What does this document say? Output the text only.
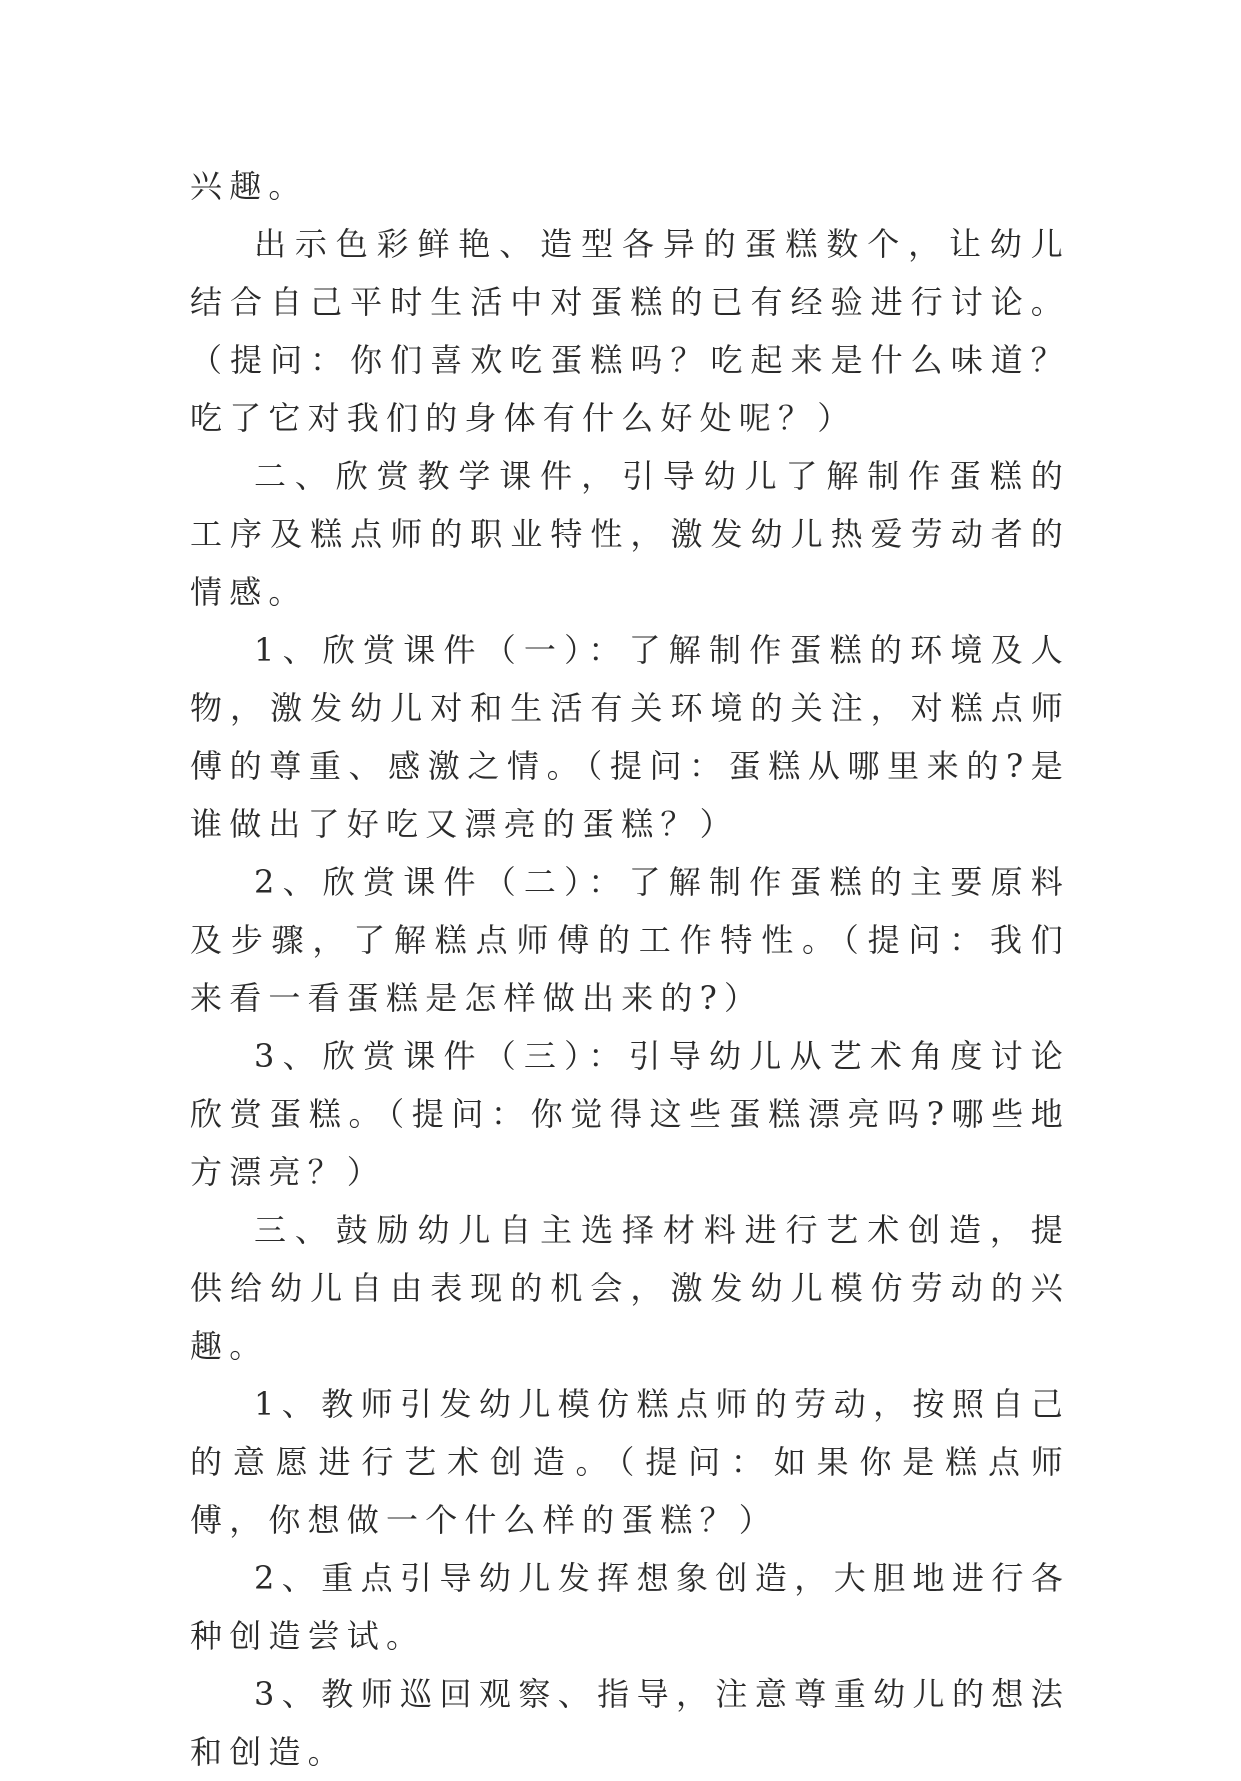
兴趣。

出示色彩鲜艳、造型各异的蛋糕数个，让幼儿结合自己平时生活中对蛋糕的已有经验进行讨论。（提问：你们喜欢吃蛋糕吗？吃起来是什么味道？吃了它对我们的身体有什么好处呢？）

二、欣赏教学课件，引导幼儿了解制作蛋糕的工序及糕点师的职业特性，激发幼儿热爱劳动者的情感。

1、欣赏课件（一）：了解制作蛋糕的环境及人物，激发幼儿对和生活有关环境的关注，对糕点师傅的尊重、感激之情。（提问：蛋糕从哪里来的?是谁做出了好吃又漂亮的蛋糕？）

2、欣赏课件（二）：了解制作蛋糕的主要原料及步骤，了解糕点师傅的工作特性。（提问：我们来看一看蛋糕是怎样做出来的?）

3、欣赏课件（三）：引导幼儿从艺术角度讨论欣赏蛋糕。（提问：你觉得这些蛋糕漂亮吗?哪些地方漂亮？）

三、鼓励幼儿自主选择材料进行艺术创造，提供给幼儿自由表现的机会，激发幼儿模仿劳动的兴趣。

1、教师引发幼儿模仿糕点师的劳动，按照自己的意愿进行艺术创造。（提问：如果你是糕点师傅，你想做一个什么样的蛋糕？）

2、重点引导幼儿发挥想象创造，大胆地进行各种创造尝试。

3、教师巡回观察、指导，注意尊重幼儿的想法和创造。
